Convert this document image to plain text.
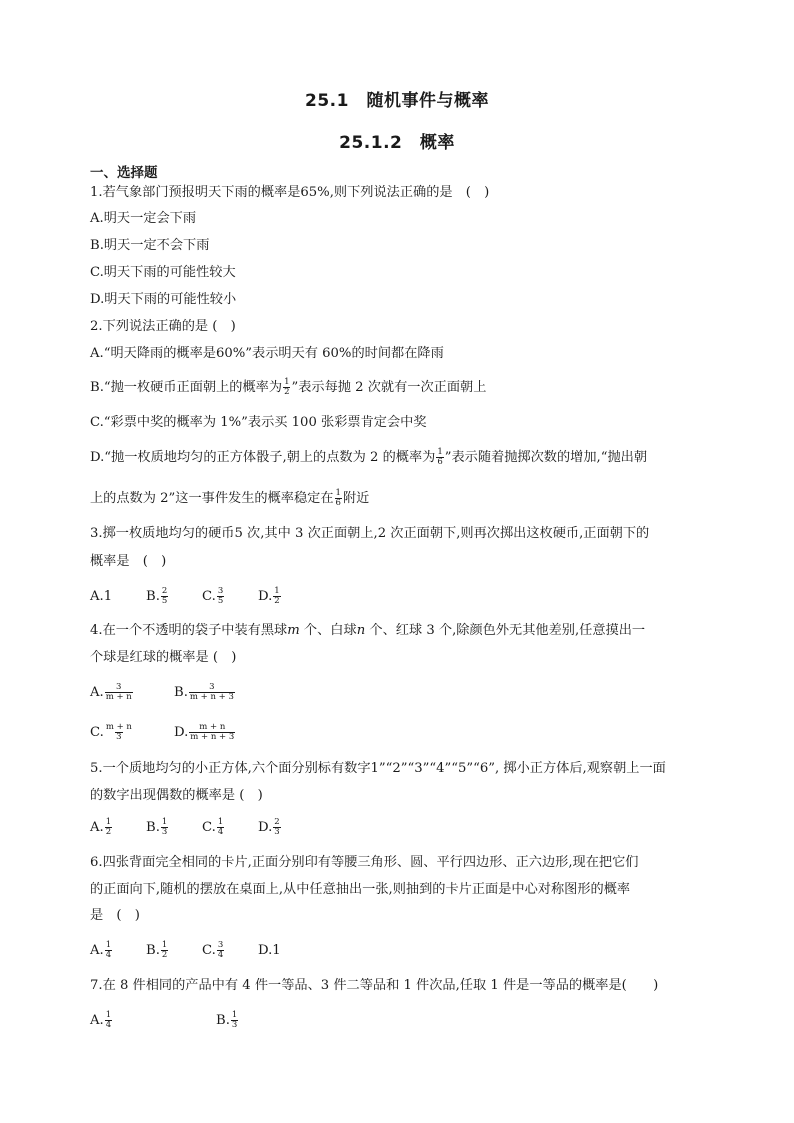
25.1　随机事件与概率
25.1.2　概率
一、选择题
1.若气象部门预报明天下雨的概率是65%,则下列说法正确的是　(　)
A.明天一定会下雨
B.明天一定不会下雨
C.明天下雨的可能性较大
D.明天下雨的可能性较小
2.下列说法正确的是 (　)
A.“明天降雨的概率是60%”表示明天有 60%的时间都在降雨
B.“抛一枚硬币正面朝上的概率为 $\frac{1}{2}$ ”表示每抛 2 次就有一次正面朝上
C.“彩票中奖的概率为 1%”表示买 100 张彩票肯定会中奖
D.“抛一枚质地均匀的正方体骰子,朝上的点数为 2 的概率为 $\frac{1}{6}$ ”表示随着抛掷次数的增加,“抛出朝
上的点数为 2”这一事件发生的概率稳定在 $\frac{1}{6}$ 附近
3.掷一枚质地均匀的硬币5 次,其中 3 次正面朝上,2 次正面朝下,则再次掷出这枚硬币,正面朝下的
概率是　(　)
A.1	B. $\frac{2}{5}$	C. $\frac{3}{5}$	D. $\frac{1}{2}$
4.在一个不透明的袋子中装有黑球m 个、白球n 个、红球 3 个,除颜色外无其他差别,任意摸出一
个球是红球的概率是 (　)
A. $\frac{3}{m + n}$	B. $\frac{3}{m + n + 3}$
C. $\frac{m + n}{3}$	D. $\frac{m + n}{m + n + 3}$
5.一个质地均匀的小正方体,六个面分别标有数字1”“2”“3”“4”“5”“6”, 掷小正方体后,观察朝上一面
的数字出现偶数的概率是 (　)
A. $\frac{1}{2}$	B. $\frac{1}{3}$	C. $\frac{1}{4}$	D. $\frac{2}{3}$
6.四张背面完全相同的卡片,正面分别印有等腰三角形、圆、平行四边形、正六边形,现在把它们
的正面向下,随机的摆放在桌面上,从中任意抽出一张,则抽到的卡片正面是中心对称图形的概率
是　(　)
A. $\frac{1}{4}$	B. $\frac{1}{2}$	C. $\frac{3}{4}$	D.1
7.在 8 件相同的产品中有 4 件一等品、3 件二等品和 1 件次品,任取 1 件是一等品的概率是(　　)
A. $\frac{1}{4}$	B. $\frac{1}{3}$
